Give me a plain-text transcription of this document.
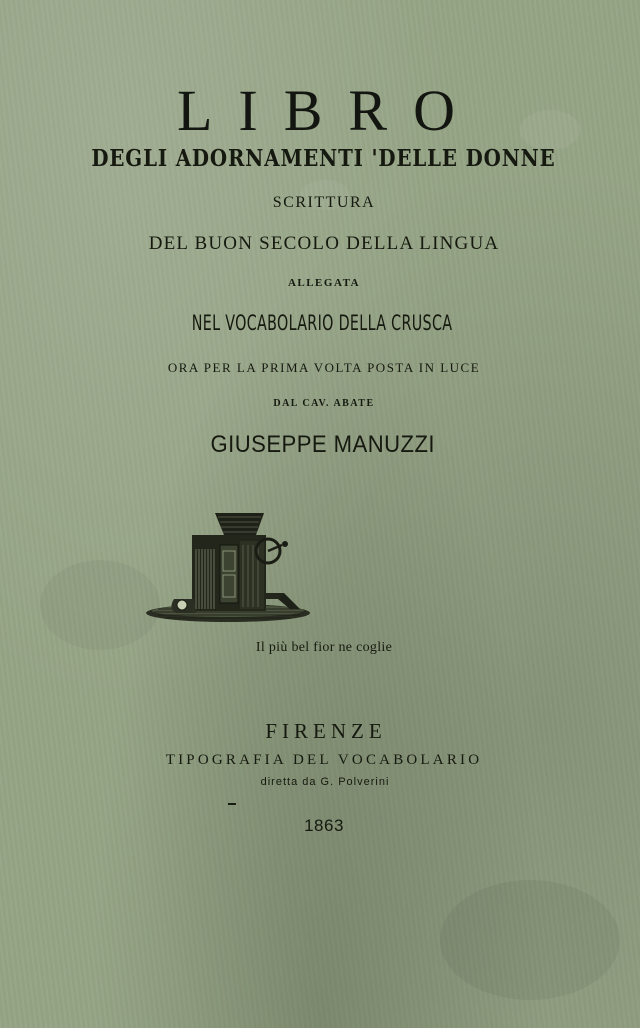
LIBRO
DEGLI ADORNAMENTI 'DELLE DONNE
SCRITTURA
DEL BUON SECOLO DELLA LINGUA
ALLEGATA
NEL VOCABOLARIO DELLA CRUSCA
ORA PER LA PRIMA VOLTA POSTA IN LUCE
DAL CAV. ABATE
GIUSEPPE MANUZZI
Il più bel fior ne coglie
FIRENZE
TIPOGRAFIA DEL VOCABOLARIO
diretta da G. Polverini
1863
